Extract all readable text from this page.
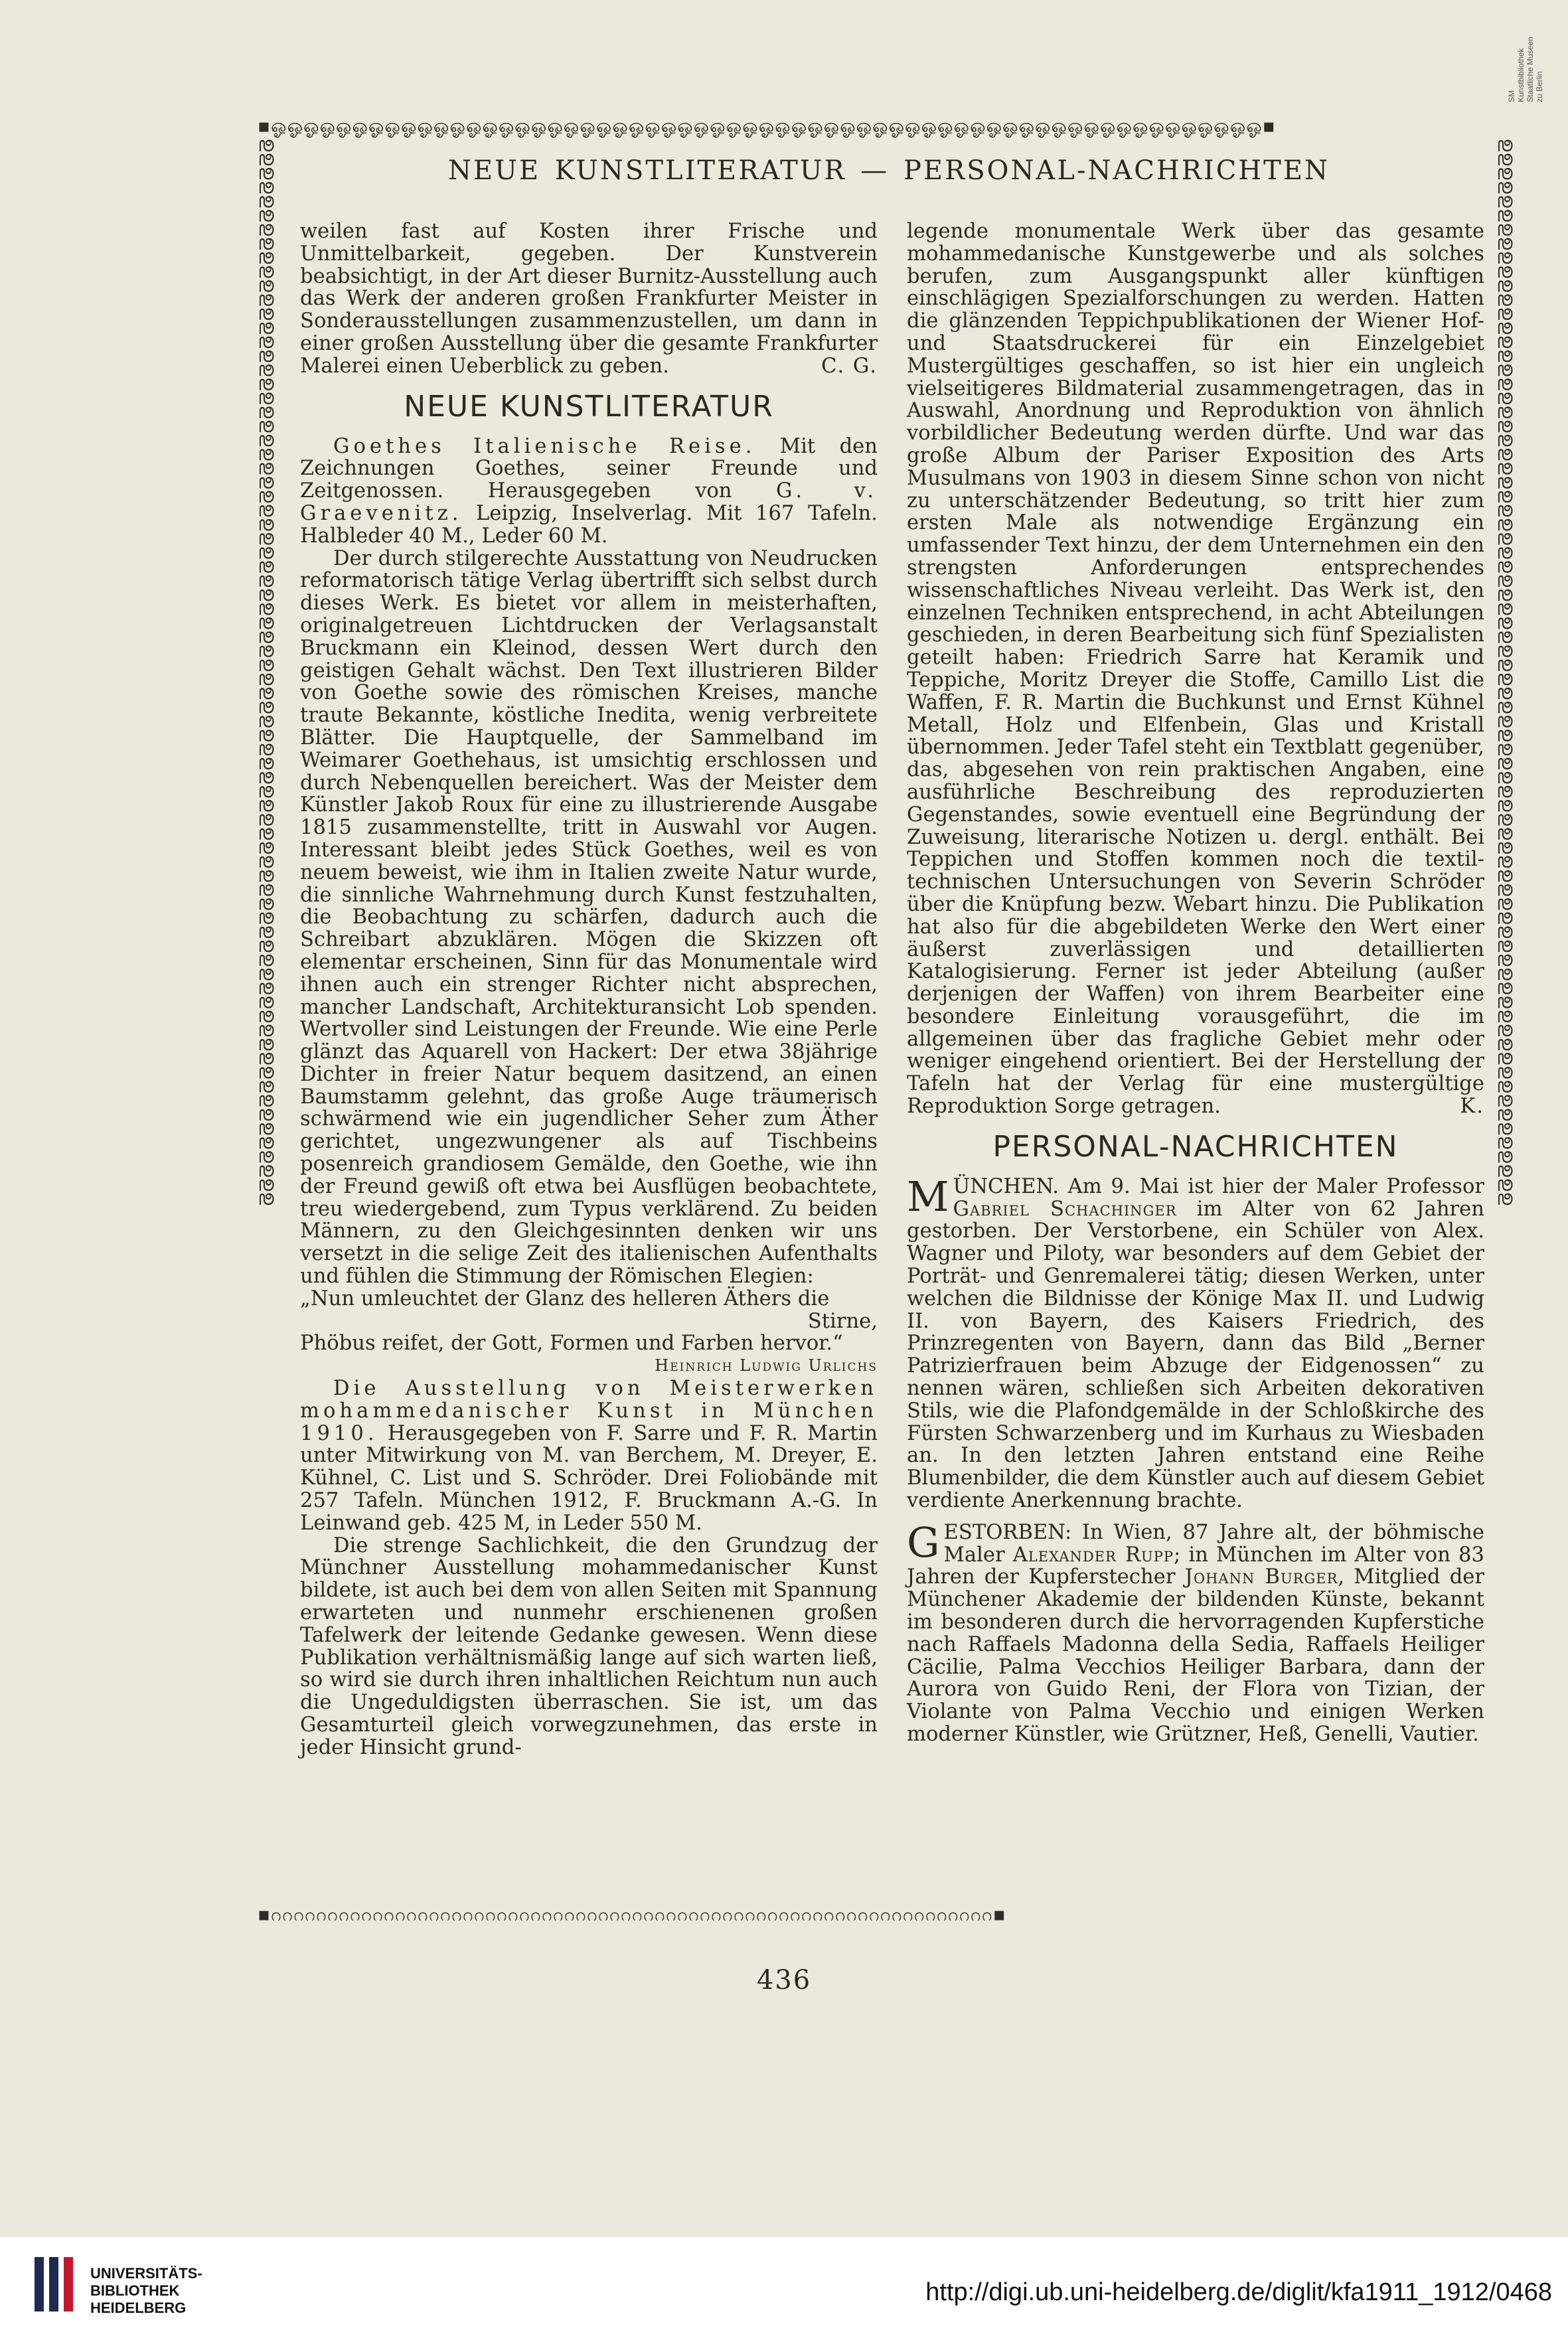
SM
Kunstbibliothek
Staatliche Museen
zu Berlin
▪ஓஓஓஓஓஓஓஓஓஓஓஓஓஓஓஓஓஓஓஓஓஓஓஓஓஓஓஓஓஓஓஓஓஓஓஓஓஓஓஓஓஓஓஓஓஓஓஓஓஓஓஓஓஓஓஓஓஓஓஓஓ▪
ഉഉഉഉഉഉഉഉഉഉഉഉഉഉഉഉഉഉഉഉഉഉഉഉഉഉഉഉഉഉഉഉഉഉഉഉഉഉഉഉഉഉഉഉഉഉഉഉഉഉഉഉഉഉഉഉഉഉഉഉഉഉഉഉഉഉഉഉഉഉഉഉഉഉഉഉ	ഉഉഉഉഉഉഉഉഉഉഉഉഉഉഉഉഉഉഉഉഉഉഉഉഉഉഉഉഉഉഉഉഉഉഉഉഉഉഉഉഉഉഉഉഉഉഉഉഉഉഉഉഉഉഉഉഉഉഉഉഉഉഉഉഉഉഉഉഉഉഉഉഉഉഉഉ
▪ဂဂဂဂဂဂဂဂဂဂဂဂဂဂဂဂဂဂဂဂဂဂဂဂဂဂဂဂဂဂဂဂဂဂဂဂဂဂဂဂဂဂဂဂဂဂဂဂဂဂဂဂဂဂဂဂဂဂဂဂဂဂဂဂ▪
NEUE KUNSTLITERATUR — PERSONAL-NACHRICHTEN

weilen fast auf Kosten ihrer Frische und Unmittelbarkeit, gegeben. Der Kunstverein beabsichtigt, in der Art dieser Burnitz-Ausstellung auch das Werk der anderen großen Frankfurter Meister in Sonderausstellungen zusammenzustellen, um dann in einer großen Ausstellung über die gesamte Frankfurter Malerei einen Ueberblick zu geben.	C. G.

NEUE KUNSTLITERATUR

Goethes Italienische Reise. Mit den Zeichnungen Goethes, seiner Freunde und Zeitgenossen. Herausgegeben von G. v. Graevenitz. Leipzig, Inselverlag. Mit 167 Tafeln. Halbleder 40 M., Leder 60 M.

Der durch stilgerechte Ausstattung von Neudrucken reformatorisch tätige Verlag übertrifft sich selbst durch dieses Werk. Es bietet vor allem in meisterhaften, originalgetreuen Lichtdrucken der Verlagsanstalt Bruckmann ein Kleinod, dessen Wert durch den geistigen Gehalt wächst. Den Text illustrieren Bilder von Goethe sowie des römischen Kreises, manche traute Bekannte, köstliche Inedita, wenig verbreitete Blätter. Die Hauptquelle, der Sammelband im Weimarer Goethehaus, ist umsichtig erschlossen und durch Nebenquellen bereichert. Was der Meister dem Künstler Jakob Roux für eine zu illustrierende Ausgabe 1815 zusammenstellte, tritt in Auswahl vor Augen. Interessant bleibt jedes Stück Goethes, weil es von neuem beweist, wie ihm in Italien zweite Natur wurde, die sinnliche Wahrnehmung durch Kunst festzuhalten, die Beobachtung zu schärfen, dadurch auch die Schreibart abzuklären. Mögen die Skizzen oft elementar erscheinen, Sinn für das Monumentale wird ihnen auch ein strenger Richter nicht absprechen, mancher Landschaft, Architekturansicht Lob spenden. Wertvoller sind Leistungen der Freunde. Wie eine Perle glänzt das Aquarell von Hackert: Der etwa 38jährige Dichter in freier Natur bequem dasitzend, an einen Baumstamm gelehnt, das große Auge träumerisch schwärmend wie ein jugendlicher Seher zum Äther gerichtet, ungezwungener als auf Tischbeins posenreich grandiosem Gemälde, den Goethe, wie ihn der Freund gewiß oft etwa bei Ausflügen beobachtete, treu wiedergebend, zum Typus verklärend. Zu beiden Männern, zu den Gleichgesinnten denken wir uns versetzt in die selige Zeit des italienischen Aufenthalts und fühlen die Stimmung der Römischen Elegien:

„Nun umleuchtet der Glanz des helleren Äthers die

Stirne,

Phöbus reifet, der Gott, Formen und Farben hervor.“

Heinrich Ludwig Urlichs

Die Ausstellung von Meisterwerken mohammedanischer Kunst in München 1910. Herausgegeben von F. Sarre und F. R. Martin unter Mitwirkung von M. van Berchem, M. Dreyer, E. Kühnel, C. List und S. Schröder. Drei Foliobände mit 257 Tafeln. München 1912, F. Bruckmann A.-G. In Leinwand geb. 425 M, in Leder 550 M.

Die strenge Sachlichkeit, die den Grundzug der Münchner Ausstellung mohammedanischer Kunst bildete, ist auch bei dem von allen Seiten mit Spannung erwarteten und nunmehr erschienenen großen Tafelwerk der leitende Gedanke gewesen. Wenn diese Publikation verhältnismäßig lange auf sich warten ließ, so wird sie durch ihren inhaltlichen Reichtum nun auch die Ungeduldigsten überraschen. Sie ist, um das Gesamturteil gleich vorwegzunehmen, das erste in jeder Hinsicht grund-

legende monumentale Werk über das gesamte mohammedanische Kunstgewerbe und als solches berufen, zum Ausgangspunkt aller künftigen einschlägigen Spezialforschungen zu werden. Hatten die glänzenden Teppichpublikationen der Wiener Hof- und Staatsdruckerei für ein Einzelgebiet Mustergültiges geschaffen, so ist hier ein ungleich vielseitigeres Bildmaterial zusammengetragen, das in Auswahl, Anordnung und Reproduktion von ähnlich vorbildlicher Bedeutung werden dürfte. Und war das große Album der Pariser Exposition des Arts Musulmans von 1903 in diesem Sinne schon von nicht zu unterschätzender Bedeutung, so tritt hier zum ersten Male als notwendige Ergänzung ein umfassender Text hinzu, der dem Unternehmen ein den strengsten Anforderungen entsprechendes wissenschaftliches Niveau verleiht. Das Werk ist, den einzelnen Techniken entsprechend, in acht Abteilungen geschieden, in deren Bearbeitung sich fünf Spezialisten geteilt haben: Friedrich Sarre hat Keramik und Teppiche, Moritz Dreyer die Stoffe, Camillo List die Waffen, F. R. Martin die Buchkunst und Ernst Kühnel Metall, Holz und Elfenbein, Glas und Kristall übernommen. Jeder Tafel steht ein Textblatt gegenüber, das, abgesehen von rein praktischen Angaben, eine ausführliche Beschreibung des reproduzierten Gegenstandes, sowie eventuell eine Begründung der Zuweisung, literarische Notizen u. dergl. enthält. Bei Teppichen und Stoffen kommen noch die textil-technischen Untersuchungen von Severin Schröder über die Knüpfung bezw. Webart hinzu. Die Publikation hat also für die abgebildeten Werke den Wert einer äußerst zuverlässigen und detaillierten Katalogisierung. Ferner ist jeder Abteilung (außer derjenigen der Waffen) von ihrem Bearbeiter eine besondere Einleitung vorausgeführt, die im allgemeinen über das fragliche Gebiet mehr oder weniger eingehend orientiert. Bei der Herstellung der Tafeln hat der Verlag für eine mustergültige Reproduktion Sorge getragen.	K.

PERSONAL-NACHRICHTEN

MÜNCHEN. Am 9. Mai ist hier der Maler Professor Gabriel Schachinger im Alter von 62 Jahren gestorben. Der Verstorbene, ein Schüler von Alex. Wagner und Piloty, war besonders auf dem Gebiet der Porträt- und Genremalerei tätig; diesen Werken, unter welchen die Bildnisse der Könige Max II. und Ludwig II. von Bayern, des Kaisers Friedrich, des Prinzregenten von Bayern, dann das Bild „Berner Patrizierfrauen beim Abzuge der Eidgenossen“ zu nennen wären, schließen sich Arbeiten dekorativen Stils, wie die Plafondgemälde in der Schloßkirche des Fürsten Schwarzenberg und im Kurhaus zu Wiesbaden an. In den letzten Jahren entstand eine Reihe Blumenbilder, die dem Künstler auch auf diesem Gebiet verdiente Anerkennung brachte.

GESTORBEN: In Wien, 87 Jahre alt, der böhmische Maler Alexander Rupp; in München im Alter von 83 Jahren der Kupferstecher Johann Burger, Mitglied der Münchener Akademie der bildenden Künste, bekannt im besonderen durch die hervorragenden Kupferstiche nach Raffaels Madonna della Sedia, Raffaels Heiliger Cäcilie, Palma Vecchios Heiliger Barbara, dann der Aurora von Guido Reni, der Flora von Tizian, der Violante von Palma Vecchio und einigen Werken moderner Künstler, wie Grützner, Heß, Genelli, Vautier.

436
UNIVERSITÄTS-
BIBLIOTHEK
HEIDELBERG
http://digi.ub.uni-heidelberg.de/diglit/kfa1911_1912/0468
